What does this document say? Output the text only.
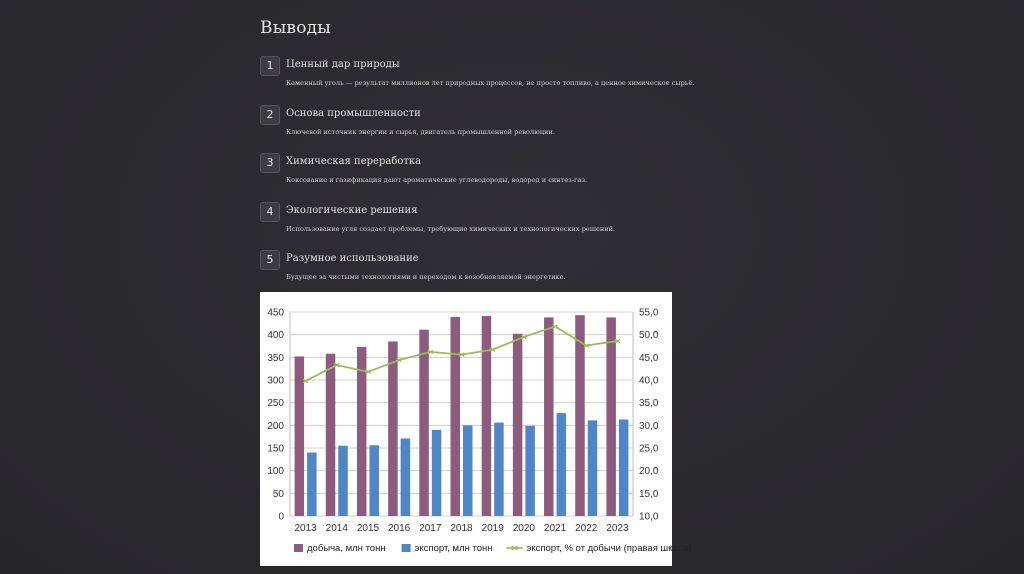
Выводы
1	Ценный дар природы
Каменный уголь — результат миллионов лет природных процессов, не просто топливо, а ценное химическое сырьё.
2	Основа промышленности
Ключевой источник энергии и сырья, двигатель промышленной революции.
3	Химическая переработка
Коксование и газификация дают ароматические углеводороды, водород и синтез-газ.
4	Экологические решения
Использование угля создает проблемы, требующие химических и технологических решений.
5	Разумное использование
Будущее за чистыми технологиями и переходом к возобновляемой энергетике.
0
50
100
150
200
250
300
350
400
450
10,0
15,0
20,0
25,0
30,0
35,0
40,0
45,0
50,0
55,0
2013 2014 2015 2016 2017 2018 2019 2020 2021 2022 2023
добыча, млн тонн	экспорт, млн тонн	экспорт, % от добычи (правая шкала)
